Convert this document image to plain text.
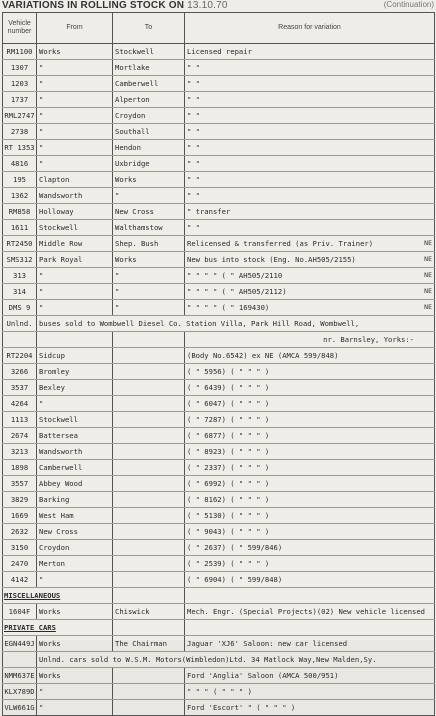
VARIATIONS IN ROLLING STOCK ON 13.10.70	(Continuation)
Vehicle number	From	To	Reason for variation
RM1100	Works	Stockwell	Licensed repair
1307	"	Mortlake	" "
1203	"	Camberwell	" "
1737	"	Alperton	" "
RML2747	"	Croydon	" "
2738	"	Southall	" "
RT 1353	"	Hendon	" "
4816	"	Uxbridge	" "
195	Clapton	Works	" "
1362	Wandsworth	"	" "
RM858	Holloway	New Cross	" transfer
1611	Stockwell	Walthamstow	" "
RT2450	Middle Row	Shep. Bush	Relicensed & transferred (as Priv. Trainer) NE

SMS312	Park Royal	Works	New bus into stock (Eng. No.AH505/2155) NE

313	"	"	" " " " ( " AH505/2110 NE

314	"	"	" " " " ( " AH505/2112) NE

DMS 9	"	"	" " " " ( " 169430) NE

Unlnd.	buses sold to Wombwell Diesel Co. Station Villa, Park Hill Road, Wombwell,		
			nr. Barnsley, Yorks:-
RT2204	Sidcup		(Body No.6542) ex NE (AMCA 599/848)
3266	Bromley		( " 5956) ( " " " )
3537	Bexley		( " 6439) ( " " " )
4264	"		( " 6047) ( " " " )
1113	Stockwell		( " 7287) ( " " " )
2674	Battersea		( " 6877) ( " " " )
3213	Wandsworth		( " 8923) ( " " " )
1898	Camberwell		( " 2337) ( " " " )
3557	Abbey Wood		( " 6992) ( " " " )
3829	Barking		( " 8162) ( " " " )
1669	West Ham		( " 5130) ( " " " )
2632	New Cross		( " 9043) ( " " " )
3150	Croydon		( " 2637) ( " 599/846)
2470	Merton		( " 2539) ( " " " )
4142	"		( " 6904) ( " 599/848)
MISCELLANEOUS			
1604F	Works	Chiswick	Mech. Engr. (Special Projects)(02) New vehicle licensed
PRIVATE CARS			
EGN449J	Works	The Chairman	Jaguar 'XJ6' Saloon: new car licensed
	Unlnd. cars sold to W.S.M. Motors(Wimbledon)Ltd. 34 Matlock Way,New Malden,Sy.		
NMM637E	Works		Ford 'Anglia' Saloon (AMCA 500/951)
KLX789D	"		" " " ( " " " )
VLW661G	"		Ford 'Escort' " ( " " " )
